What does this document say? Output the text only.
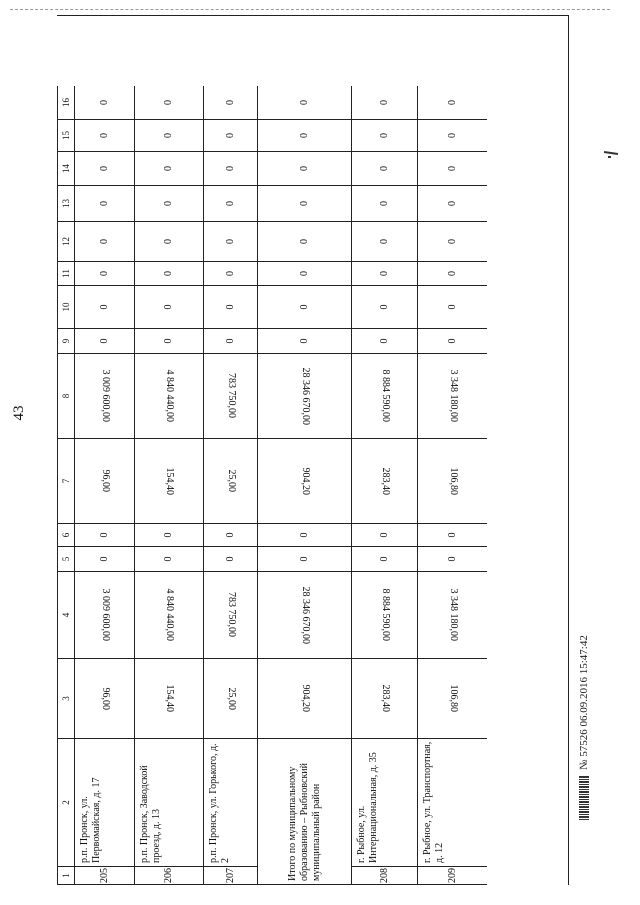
43
№ 57526 06.09.2016 15:47:42
1
2
3
4
5
6
7
8
9
10
11
12
13
14
15
16
205
р.п. Пронск, ул. Первомайская, д. 17
96,00
3 009 600,00
0
0
96,00
3 009 600,00
0
0
0
0
0
0
0
0
206
р.п. Пронск, Заводской проезд, д. 13
154,40
4 840 440,00
0
0
154,40
4 840 440,00
0
0
0
0
0
0
0
0
207
р.п. Пронск, ул. Горького, д. 2
25,00
783 750,00
0
0
25,00
783 750,00
0
0
0
0
0
0
0
0
Итого по муниципальному образованию – Рыбновский муниципальный район
904,20
28 346 670,00
0
0
904,20
28 346 670,00
0
0
0
0
0
0
0
0
208
г. Рыбное, ул. Интернациональная, д. 35
283,40
8 884 590,00
0
0
283,40
8 884 590,00
0
0
0
0
0
0
0
0
209
г. Рыбное, ул. Транспортная, д. 12
106,80
3 348 180,00
0
0
106,80
3 348 180,00
0
0
0
0
0
0
0
0
